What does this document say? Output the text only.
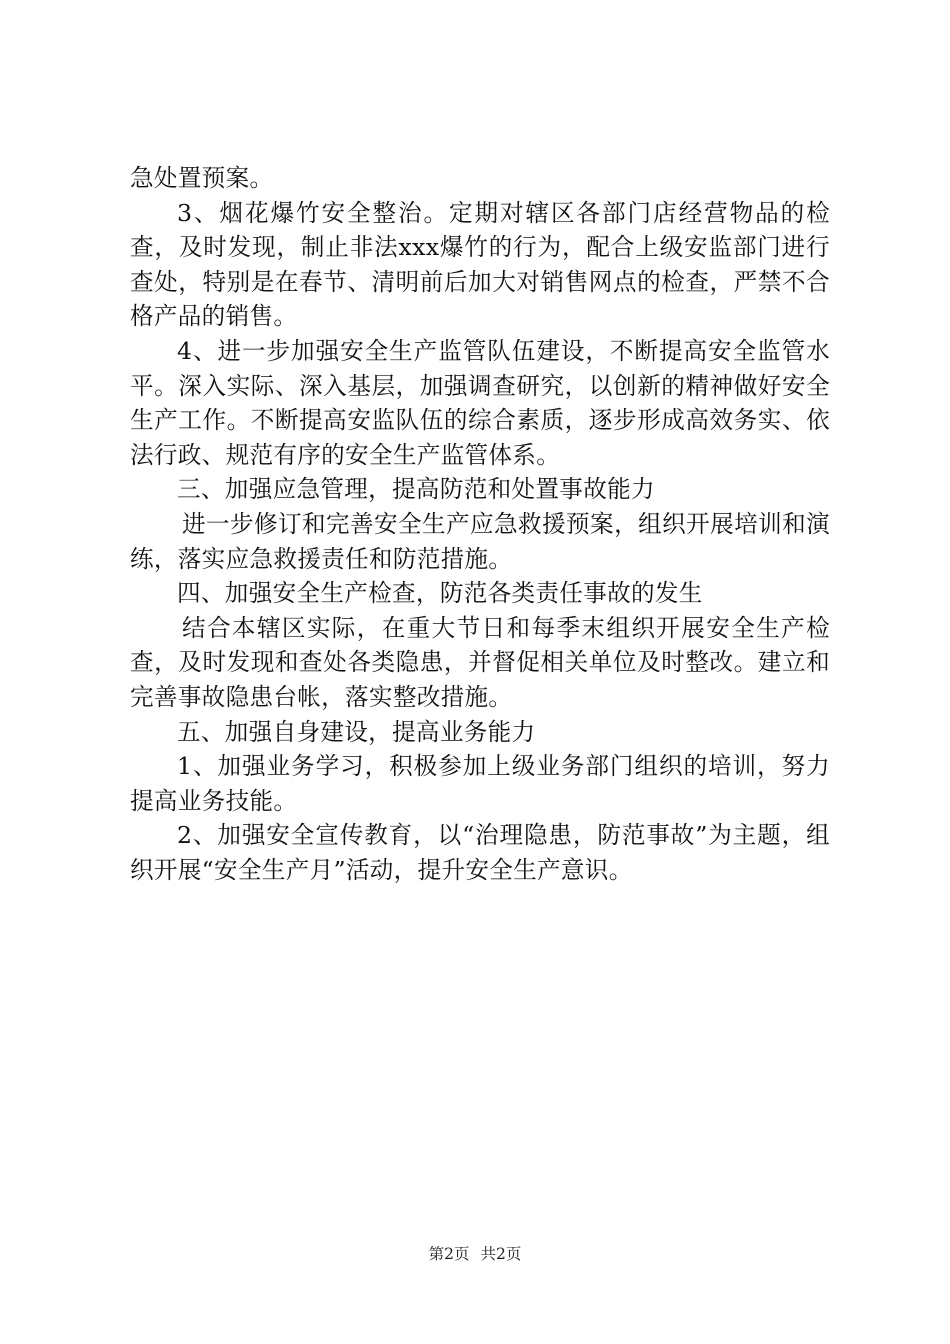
急处置预案。

3、烟花爆竹安全整治。定期对辖区各部门店经营物品的检查，及时发现，制止非法xxx爆竹的行为，配合上级安监部门进行查处，特别是在春节、清明前后加大对销售网点的检查，严禁不合格产品的销售。

4、进一步加强安全生产监管队伍建设，不断提高安全监管水平。深入实际、深入基层，加强调查研究，以创新的精神做好安全生产工作。不断提高安监队伍的综合素质，逐步形成高效务实、依法行政、规范有序的安全生产监管体系。

三、加强应急管理，提高防范和处置事故能力

进一步修订和完善安全生产应急救援预案，组织开展培训和演练，落实应急救援责任和防范措施。

四、加强安全生产检查，防范各类责任事故的发生

结合本辖区实际，在重大节日和每季末组织开展安全生产检查，及时发现和查处各类隐患，并督促相关单位及时整改。建立和完善事故隐患台帐，落实整改措施。

五、加强自身建设，提高业务能力

1、加强业务学习，积极参加上级业务部门组织的培训，努力提高业务技能。

2、加强安全宣传教育，以“治理隐患，防范事故”为主题，组织开展“安全生产月”活动，提升安全生产意识。

第2页 共2页
